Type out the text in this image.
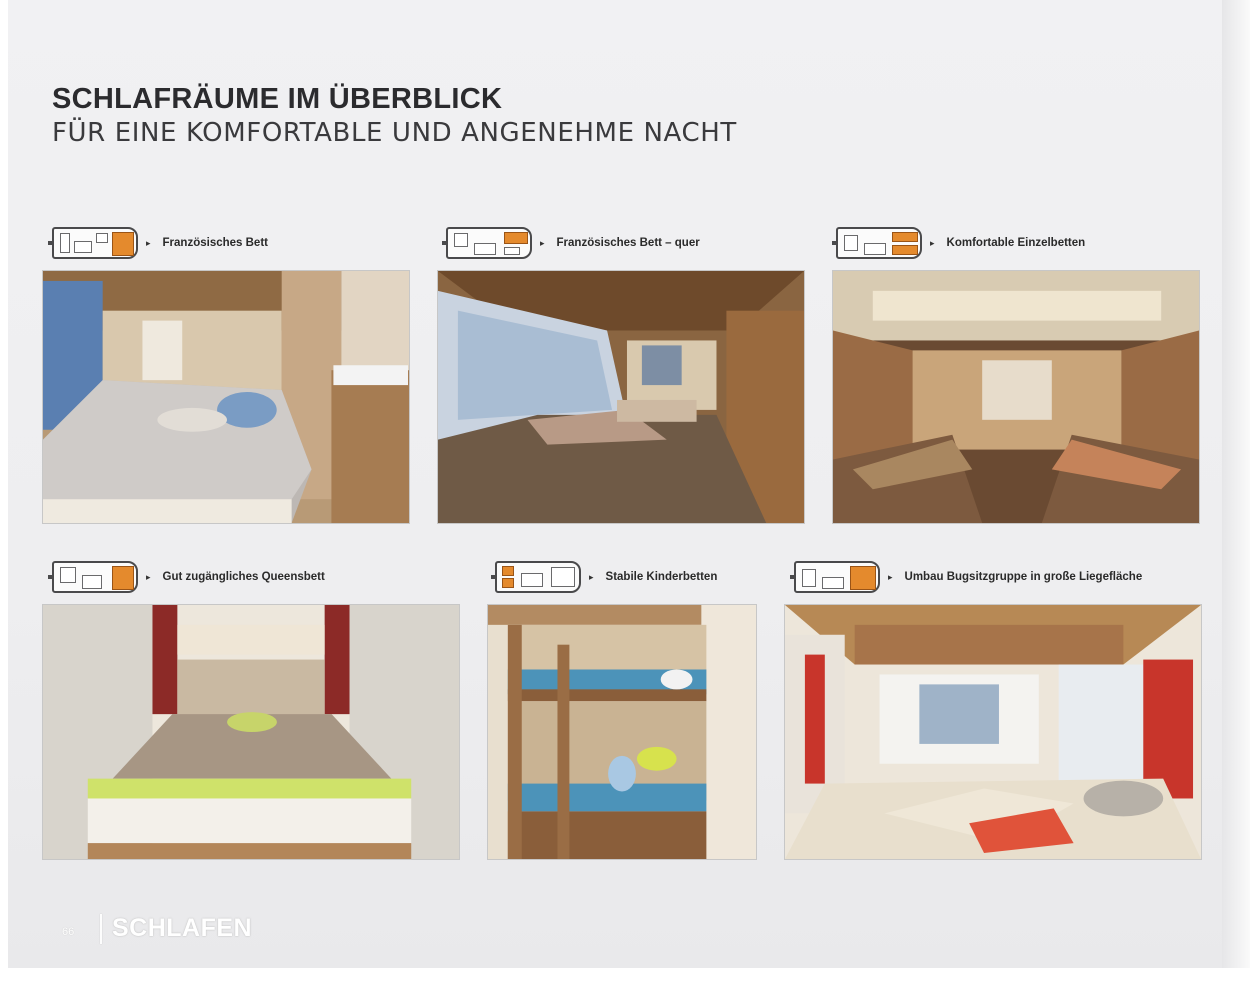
SCHLAFRÄUME IM ÜBERBLICK
FÜR EINE KOMFORTABLE UND ANGENEHME NACHT
▸ Französisches Bett	▸ Französisches Bett – quer	▸ Komfortable Einzelbetten
▸ Gut zugängliches Queensbett	▸ Stabile Kinderbetten	▸ Umbau Bugsitzgruppe in große Liegefläche
66 SCHLAFEN
